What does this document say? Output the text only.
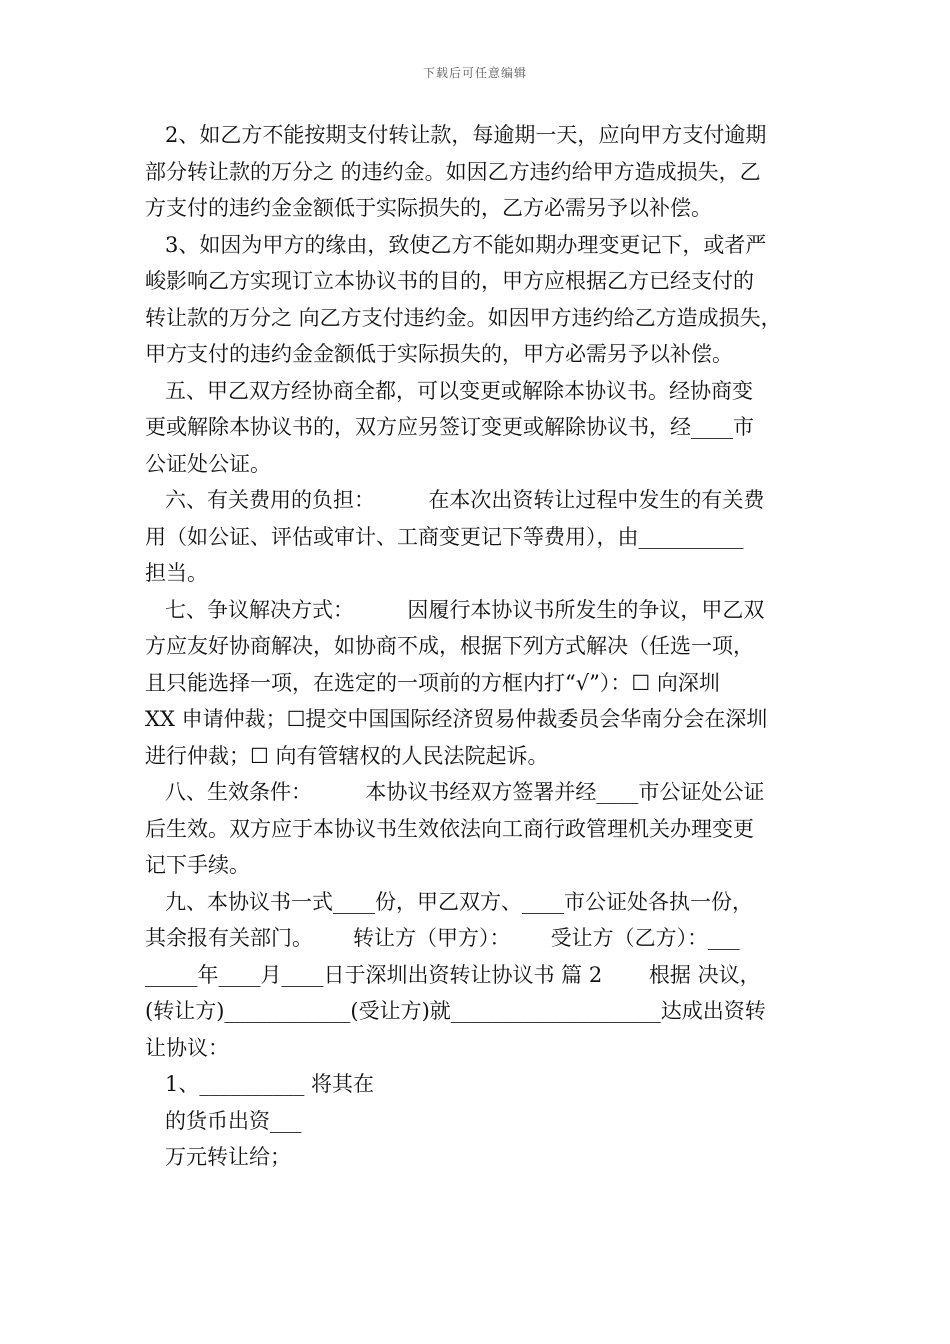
下载后可任意编辑
2、如乙方不能按期支付转让款，每逾期一天，应向甲方支付逾期
部分转让款的万分之 的违约金。如因乙方违约给甲方造成损失，乙
方支付的违约金金额低于实际损失的，乙方必需另予以补偿。
3、如因为甲方的缘由，致使乙方不能如期办理变更记下，或者严
峻影响乙方实现订立本协议书的目的，甲方应根据乙方已经支付的
转让款的万分之 向乙方支付违约金。如因甲方违约给乙方造成损失，
甲方支付的违约金金额低于实际损失的，甲方必需另予以补偿。
五、甲乙双方经协商全都，可以变更或解除本协议书。经协商变
更或解除本协议书的，双方应另签订变更或解除协议书，经____市
公证处公证。
六、有关费用的负担：        在本次出资转让过程中发生的有关费
用（如公证、评估或审计、工商变更记下等费用），由__________
担当。
七、争议解决方式：        因履行本协议书所发生的争议，甲乙双
方应友好协商解决，如协商不成，根据下列方式解决（任选一项，
且只能选择一项，在选定的一项前的方框内打“√”）：☐ 向深圳
XX 申请仲裁；☐提交中国国际经济贸易仲裁委员会华南分会在深圳
进行仲裁；☐ 向有管辖权的人民法院起诉。
八、生效条件：        本协议书经双方签署并经____市公证处公证
后生效。双方应于本协议书生效依法向工商行政管理机关办理变更
记下手续。
九、本协议书一式____份，甲乙双方、____市公证处各执一份，
其余报有关部门。      转让方（甲方）：      受让方（乙方）：___
_____年____月____日于深圳出资转让协议书 篇 2       根据 决议，
(转让方)____________(受让方)就____________________达成出资转
让协议：
1、__________ 将其在
的货币出资___
万元转让给；
